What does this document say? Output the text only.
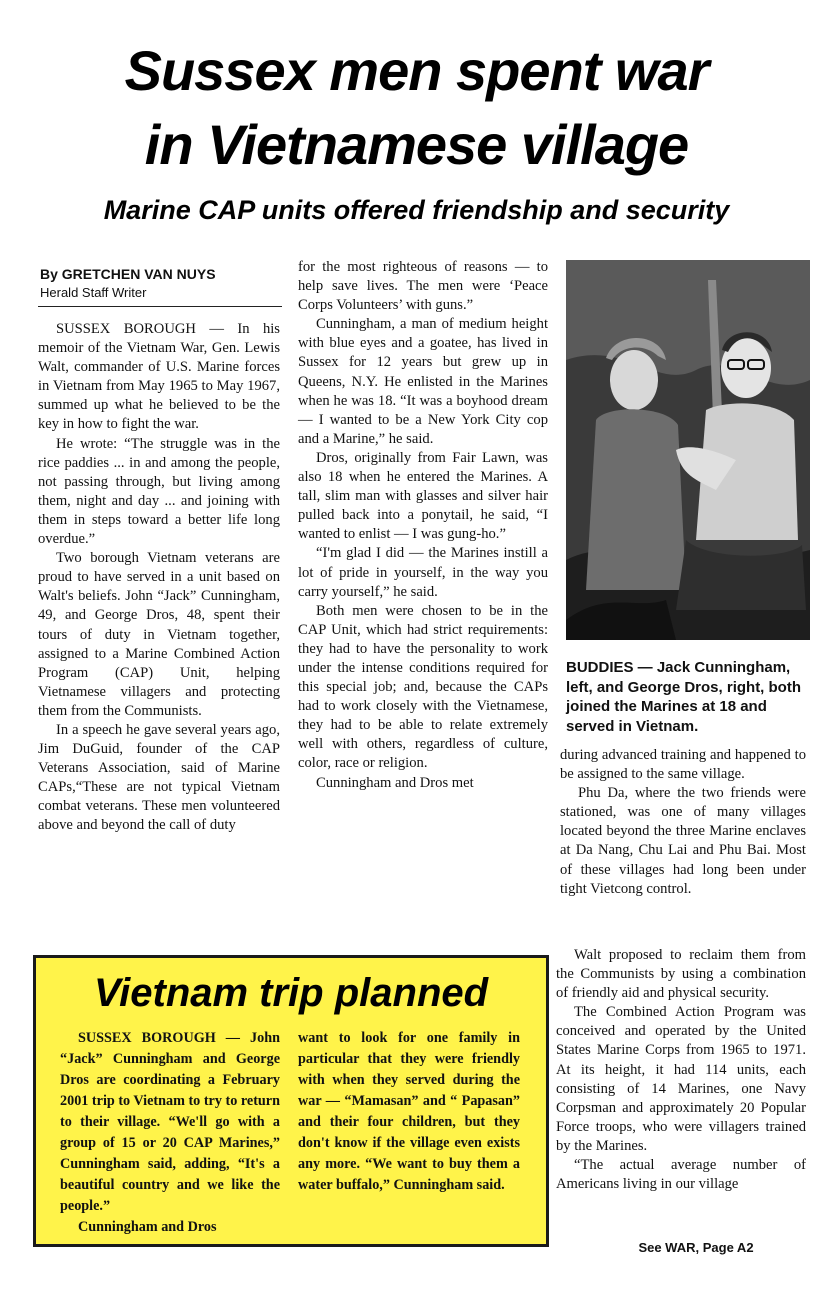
Sussex men spent war
in Vietnamese village
Marine CAP units offered friendship and security
By GRETCHEN VAN NUYS
Herald Staff Writer

SUSSEX BOROUGH — In his memoir of the Vietnam War, Gen. Lewis Walt, commander of U.S. Marine forces in Vietnam from May 1965 to May 1967, summed up what he believed to be the key in how to fight the war.

He wrote: “The struggle was in the rice paddies ... in and among the people, not passing through, but living among them, night and day ... and joining with them in steps toward a better life long overdue.”

Two borough Vietnam veterans are proud to have served in a unit based on Walt's beliefs. John “Jack” Cunningham, 49, and George Dros, 48, spent their tours of duty in Vietnam together, assigned to a Marine Combined Action Program (CAP) Unit, helping Vietnamese villagers and protecting them from the Communists.

In a speech he gave several years ago, Jim DuGuid, founder of the CAP Veterans Association, said of Marine CAPs,“These are not typical Vietnam combat veterans. These men volunteered above and beyond the call of duty

for the most righteous of reasons — to help save lives. The men were ‘Peace Corps Volunteers’ with guns.”

Cunningham, a man of medium height with blue eyes and a goatee, has lived in Sussex for 12 years but grew up in Queens, N.Y. He enlisted in the Marines when he was 18. “It was a boyhood dream — I wanted to be a New York City cop and a Marine,” he said.

Dros, originally from Fair Lawn, was also 18 when he entered the Marines. A tall, slim man with glasses and silver hair pulled back into a ponytail, he said, “I wanted to enlist — I was gung-ho.”

“I'm glad I did — the Marines instill a lot of pride in yourself, in the way you carry yourself,” he said.

Both men were chosen to be in the CAP Unit, which had strict requirements: they had to have the personality to work under the intense conditions required for this special job; and, because the CAPs had to work closely with the Vietnamese, they had to be able to relate extremely well with others, regardless of culture, color, race or religion.

Cunningham and Dros met

BUDDIES — Jack Cunningham, left, and George Dros, right, both joined the Marines at 18 and served in Vietnam.

during advanced training and happened to be assigned to the same village.

Phu Da, where the two friends were stationed, was one of many villages located beyond the three Marine enclaves at Da Nang, Chu Lai and Phu Bai. Most of these villages had long been under tight Vietcong control.

Walt proposed to reclaim them from the Communists by using a combination of friendly aid and physical security.

The Combined Action Program was conceived and operated by the United States Marine Corps from 1965 to 1971. At its height, it had 114 units, each consisting of 14 Marines, one Navy Corpsman and approximately 20 Popular Force troops, who were villagers trained by the Marines.

“The actual average number of Americans living in our village

Vietnam trip planned

SUSSEX BOROUGH — John “Jack” Cunningham and George Dros are coordinating a February 2001 trip to Vietnam to try to return to their village. “We'll go with a group of 15 or 20 CAP Marines,” Cunningham said, adding, “It's a beautiful country and we like the people.”

Cunningham and Dros

want to look for one family in particular that they were friendly with when they served during the war — “Mamasan” and “ Papasan” and their four children, but they don't know if the village even exists any more. “We want to buy them a water buffalo,” Cunningham said.

See WAR, Page A2
